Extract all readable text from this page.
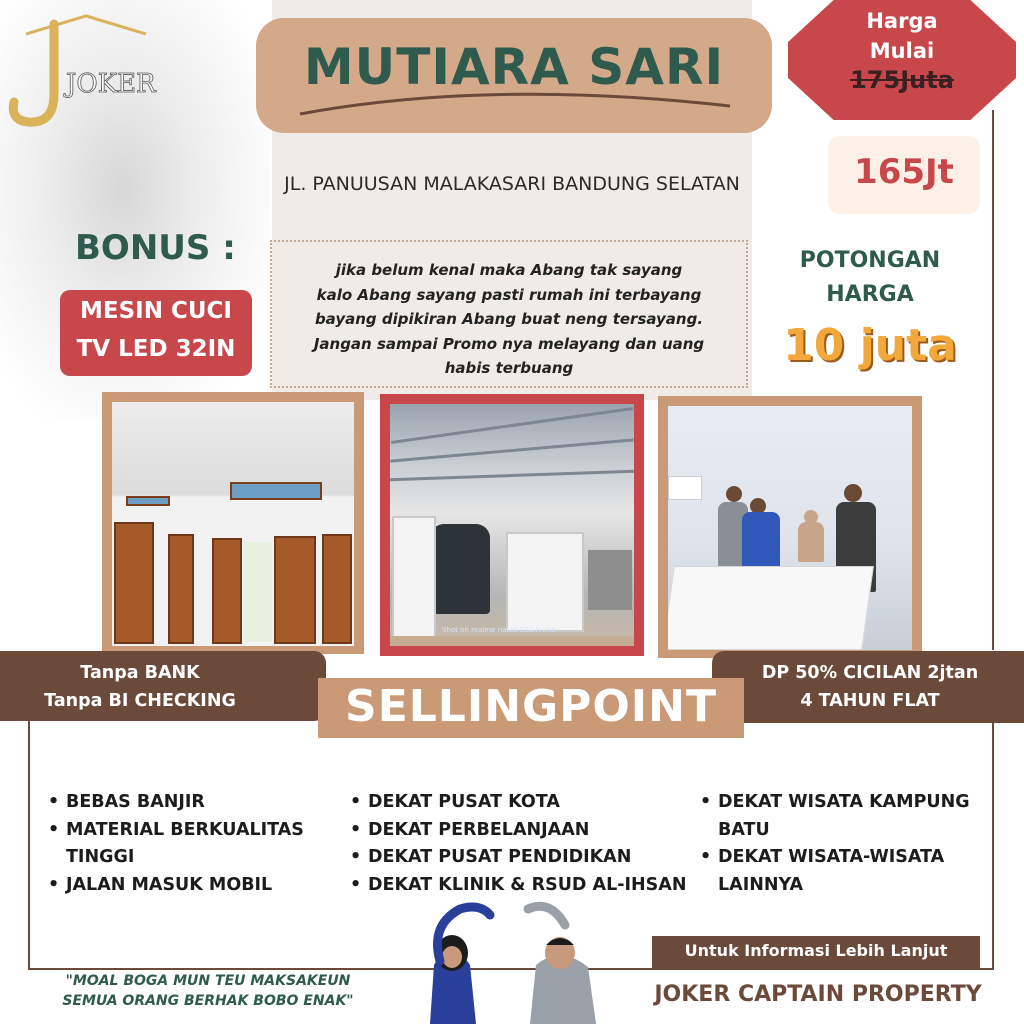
JOKER	MUTIARA SARI
JL. PANUUSAN MALAKASARI BANDUNG SELATAN
jika belum kenal maka Abang tak sayang
kalo Abang sayang pasti rumah ini terbayang
bayang dipikiran Abang buat neng tersayang.
Jangan sampai Promo nya melayang dan uang
habis terbuang
BONUS :
MESIN CUCI
TV LED 32IN
Harga
Mulai
175Juta
165Jt
POTONGAN
HARGA
10 juta
Shot on realme narzo 50A Prime
Tanpa BANK
Tanpa BI CHECKING
DP 50% CICILAN 2jtan
4 TAHUN FLAT
SELLINGPOINT
• BEBAS BANJIR
• MATERIAL BERKUALITAS TINGGI
• JALAN MASUK MOBIL
• DEKAT PUSAT KOTA
• DEKAT PERBELANJAAN
• DEKAT PUSAT PENDIDIKAN
• DEKAT KLINIK & RSUD AL-IHSAN
• DEKAT WISATA KAMPUNG BATU
• DEKAT WISATA-WISATA LAINNYA
"MOAL BOGA MUN TEU MAKSAKEUN
SEMUA ORANG BERHAK BOBO ENAK"
Untuk Informasi Lebih Lanjut
JOKER CAPTAIN PROPERTY
